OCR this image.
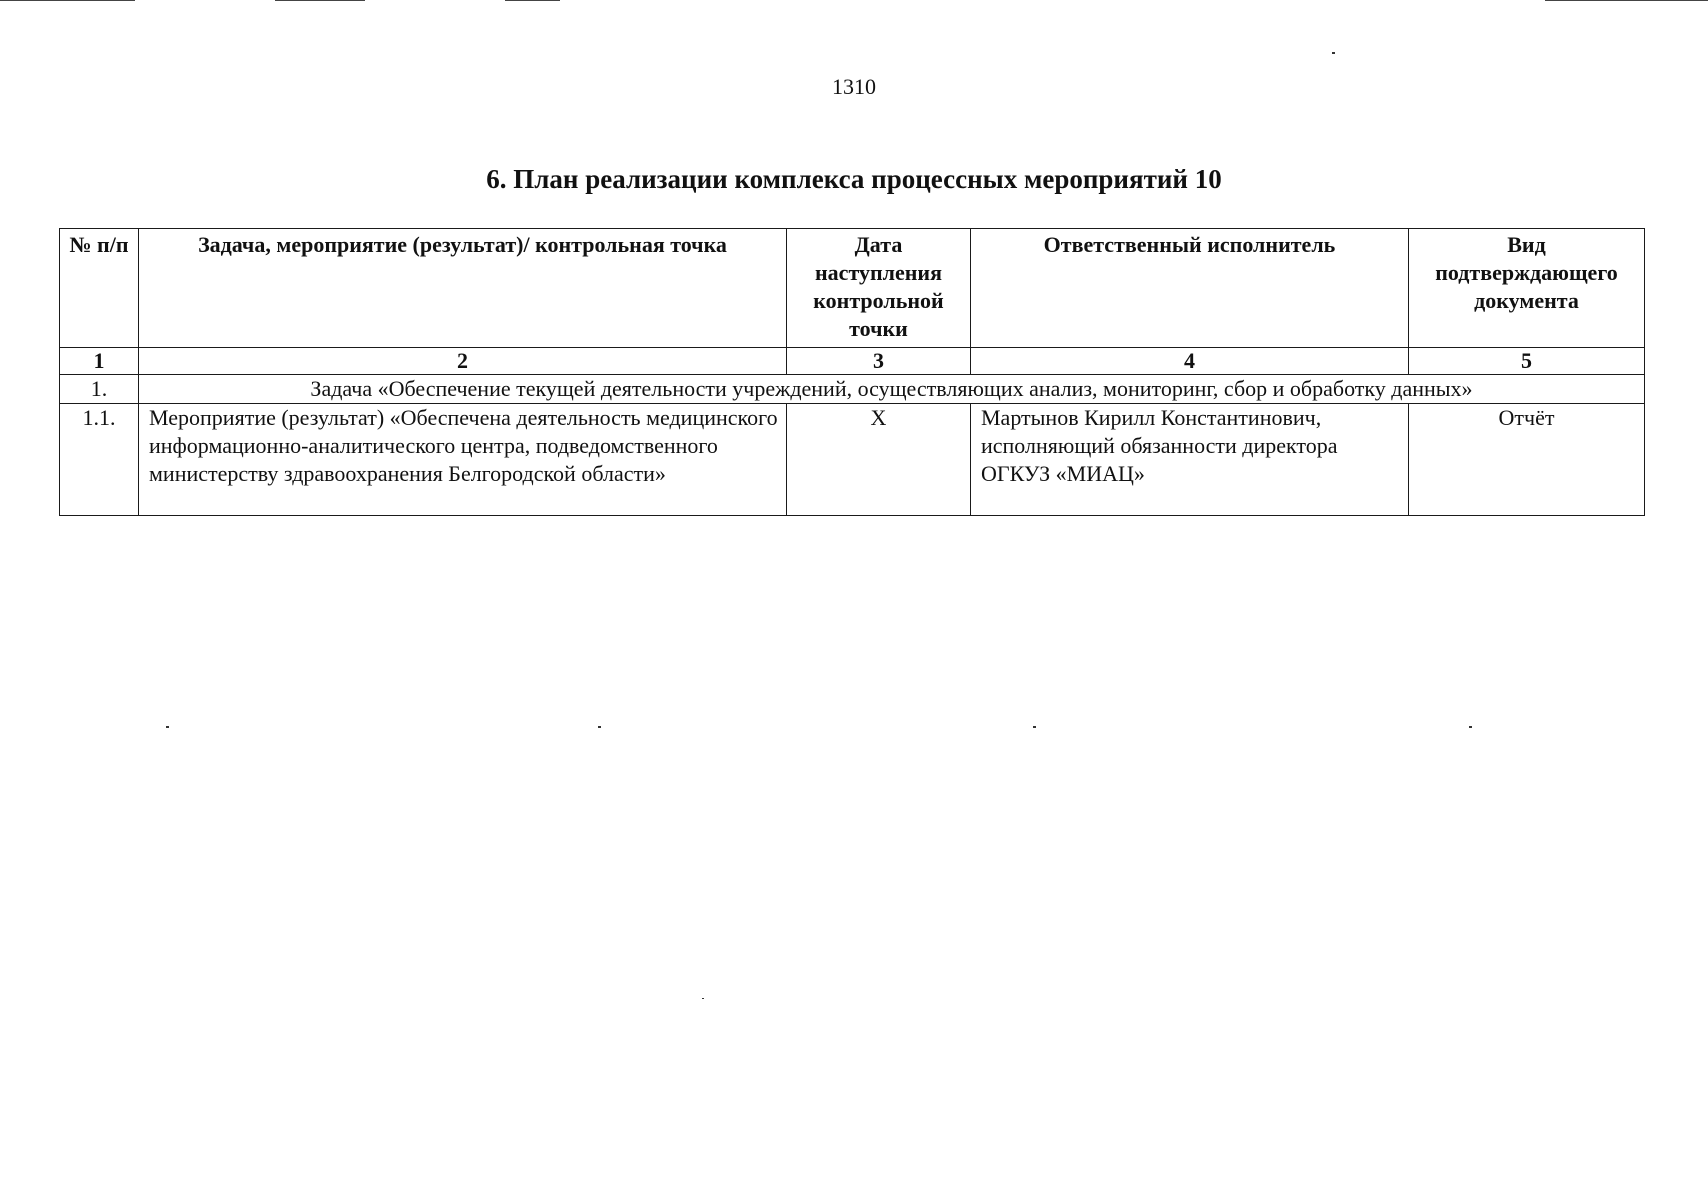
1310
6. План реализации комплекса процессных мероприятий 10
№ п/п	Задача, мероприятие (результат)/ контрольная точка	Дата наступления контрольной точки	Ответственный исполнитель	Вид подтверждающего документа
1	2	3	4	5
1.	Задача «Обеспечение текущей деятельности учреждений, осуществляющих анализ, мониторинг, сбор и обработку данных»			
1.1.	Мероприятие (результат) «Обеспечена деятельность медицинского информационно-аналитического центра, подведомственного министерству здравоохранения Белгородской области»	Х	Мартынов Кирилл Константинович, исполняющий обязанности директора ОГКУЗ «МИАЦ»	Отчёт
